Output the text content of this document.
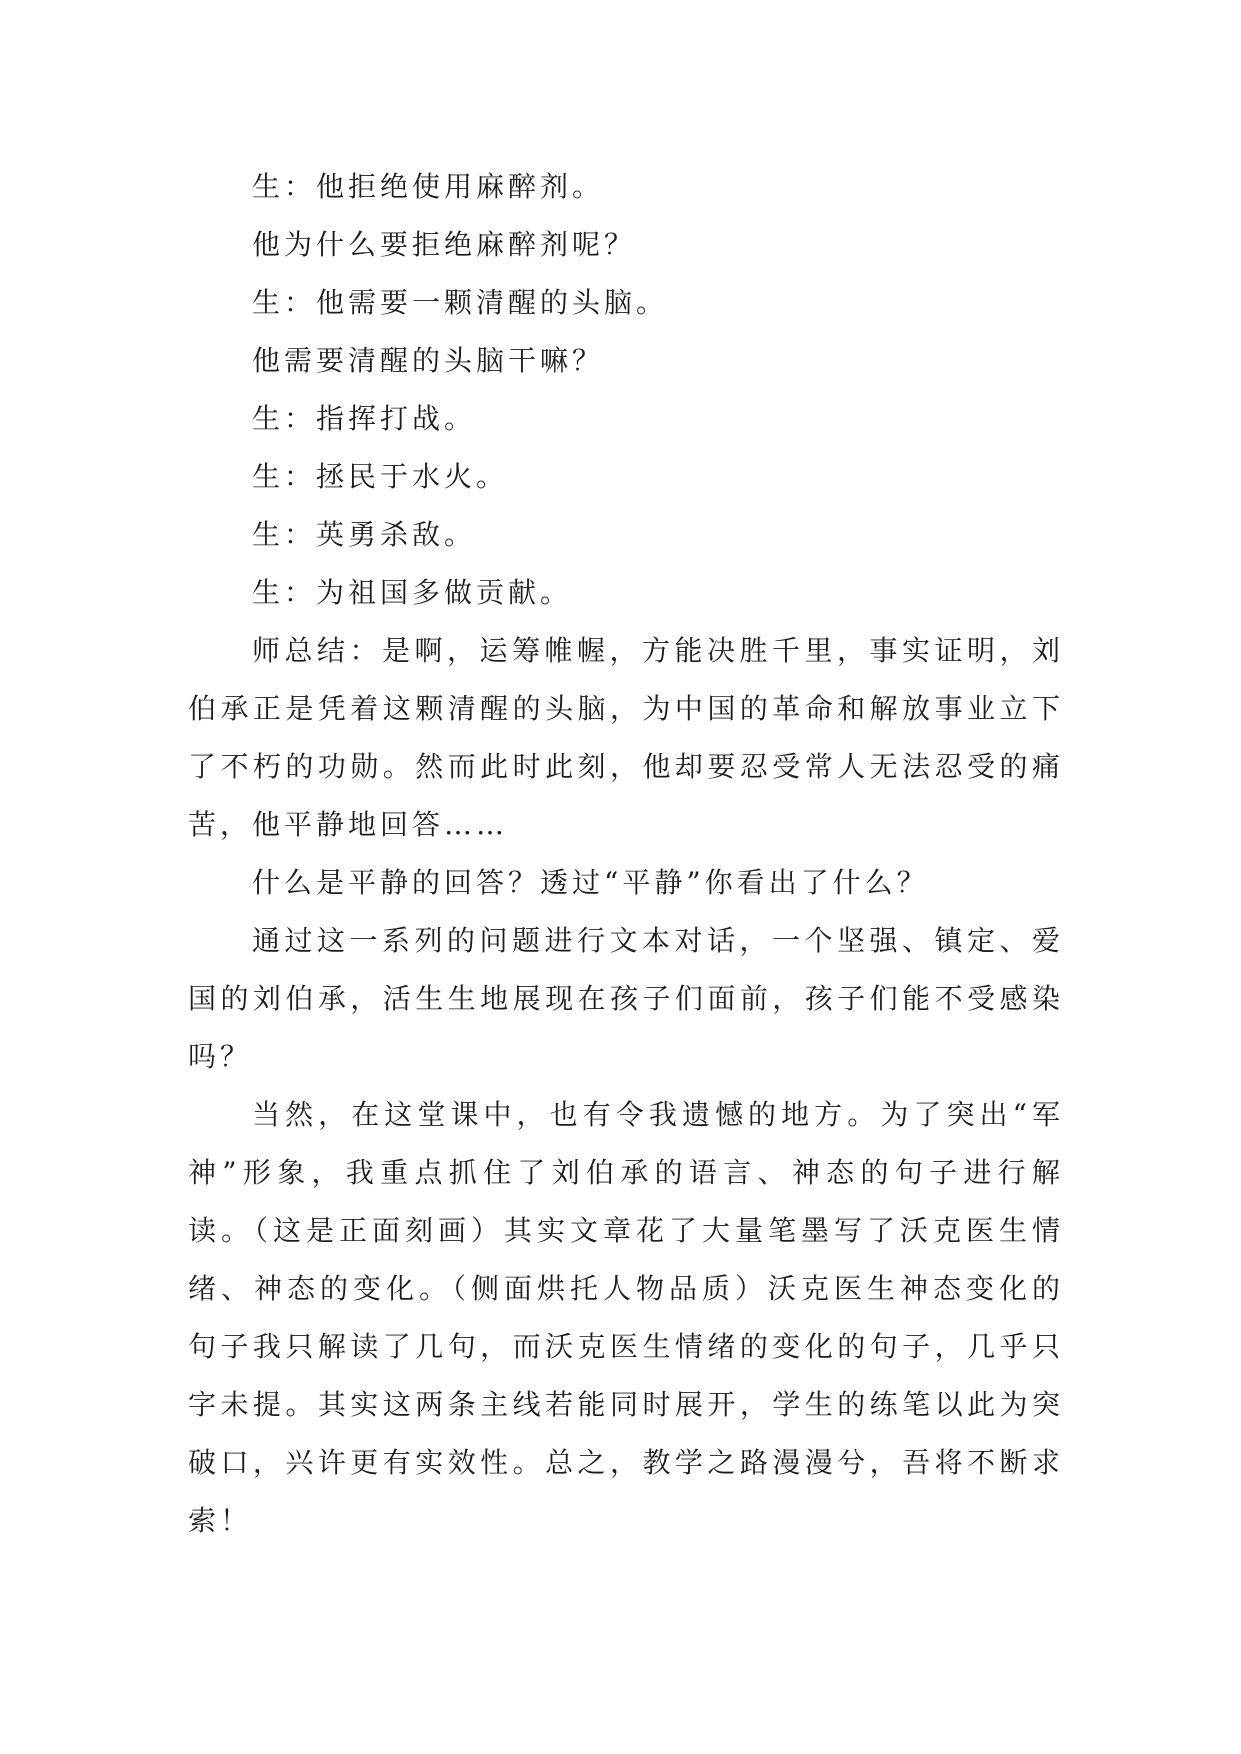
生：他拒绝使用麻醉剂。

他为什么要拒绝麻醉剂呢？

生：他需要一颗清醒的头脑。

他需要清醒的头脑干嘛？

生：指挥打战。

生：拯民于水火。

生：英勇杀敌。

生：为祖国多做贡献。

师总结：是啊，运筹帷幄，方能决胜千里，事实证明，刘伯承正是凭着这颗清醒的头脑，为中国的革命和解放事业立下了不朽的功勋。然而此时此刻，他却要忍受常人无法忍受的痛苦，他平静地回答……

什么是平静的回答？透过“平静”你看出了什么？

通过这一系列的问题进行文本对话，一个坚强、镇定、爱国的刘伯承，活生生地展现在孩子们面前，孩子们能不受感染吗？

当然，在这堂课中，也有令我遗憾的地方。为了突出“军神”形象，我重点抓住了刘伯承的语言、神态的句子进行解读。（这是正面刻画）其实文章花了大量笔墨写了沃克医生情绪、神态的变化。（侧面烘托人物品质）沃克医生神态变化的句子我只解读了几句，而沃克医生情绪的变化的句子，几乎只字未提。其实这两条主线若能同时展开，学生的练笔以此为突破口，兴许更有实效性。总之，教学之路漫漫兮，吾将不断求索！
